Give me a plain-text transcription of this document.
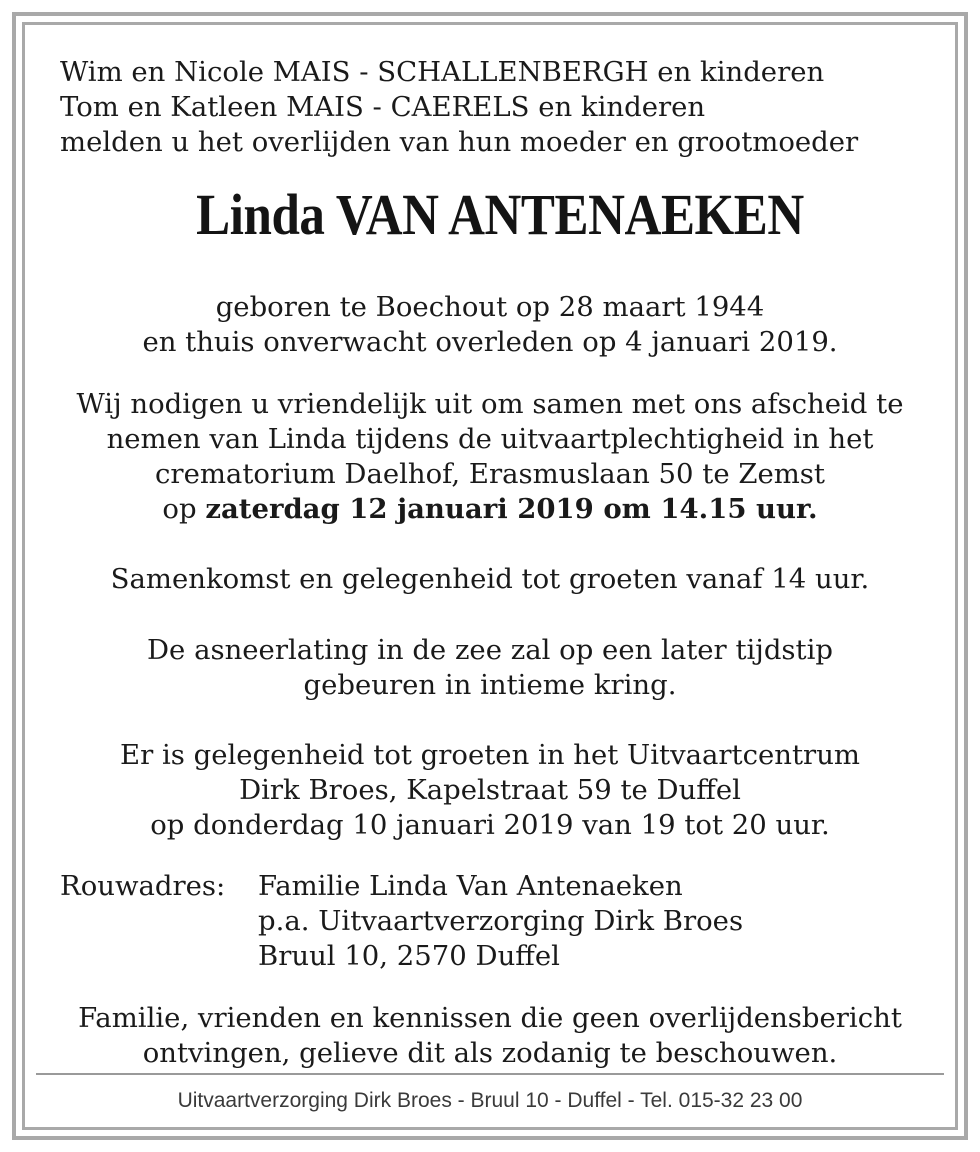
Wim en Nicole MAIS - SCHALLENBERGH en kinderen
Tom en Katleen MAIS - CAERELS en kinderen
melden u het overlijden van hun moeder en grootmoeder
Linda VAN ANTENAEKEN
geboren te Boechout op 28 maart 1944
en thuis onverwacht overleden op 4 januari 2019.
Wij nodigen u vriendelijk uit om samen met ons afscheid te
nemen van Linda tijdens de uitvaartplechtigheid in het
crematorium Daelhof, Erasmuslaan 50 te Zemst
op zaterdag 12 januari 2019 om 14.15 uur.
Samenkomst en gelegenheid tot groeten vanaf 14 uur.
De asneerlating in de zee zal op een later tijdstip
gebeuren in intieme kring.
Er is gelegenheid tot groeten in het Uitvaartcentrum
Dirk Broes, Kapelstraat 59 te Duffel
op donderdag 10 januari 2019 van 19 tot 20 uur.
Rouwadres: Familie Linda Van Antenaeken
p.a. Uitvaartverzorging Dirk Broes
Bruul 10, 2570 Duffel
Familie, vrienden en kennissen die geen overlijdensbericht
ontvingen, gelieve dit als zodanig te beschouwen.
Uitvaartverzorging Dirk Broes - Bruul 10 - Duffel - Tel. 015-32 23 00
